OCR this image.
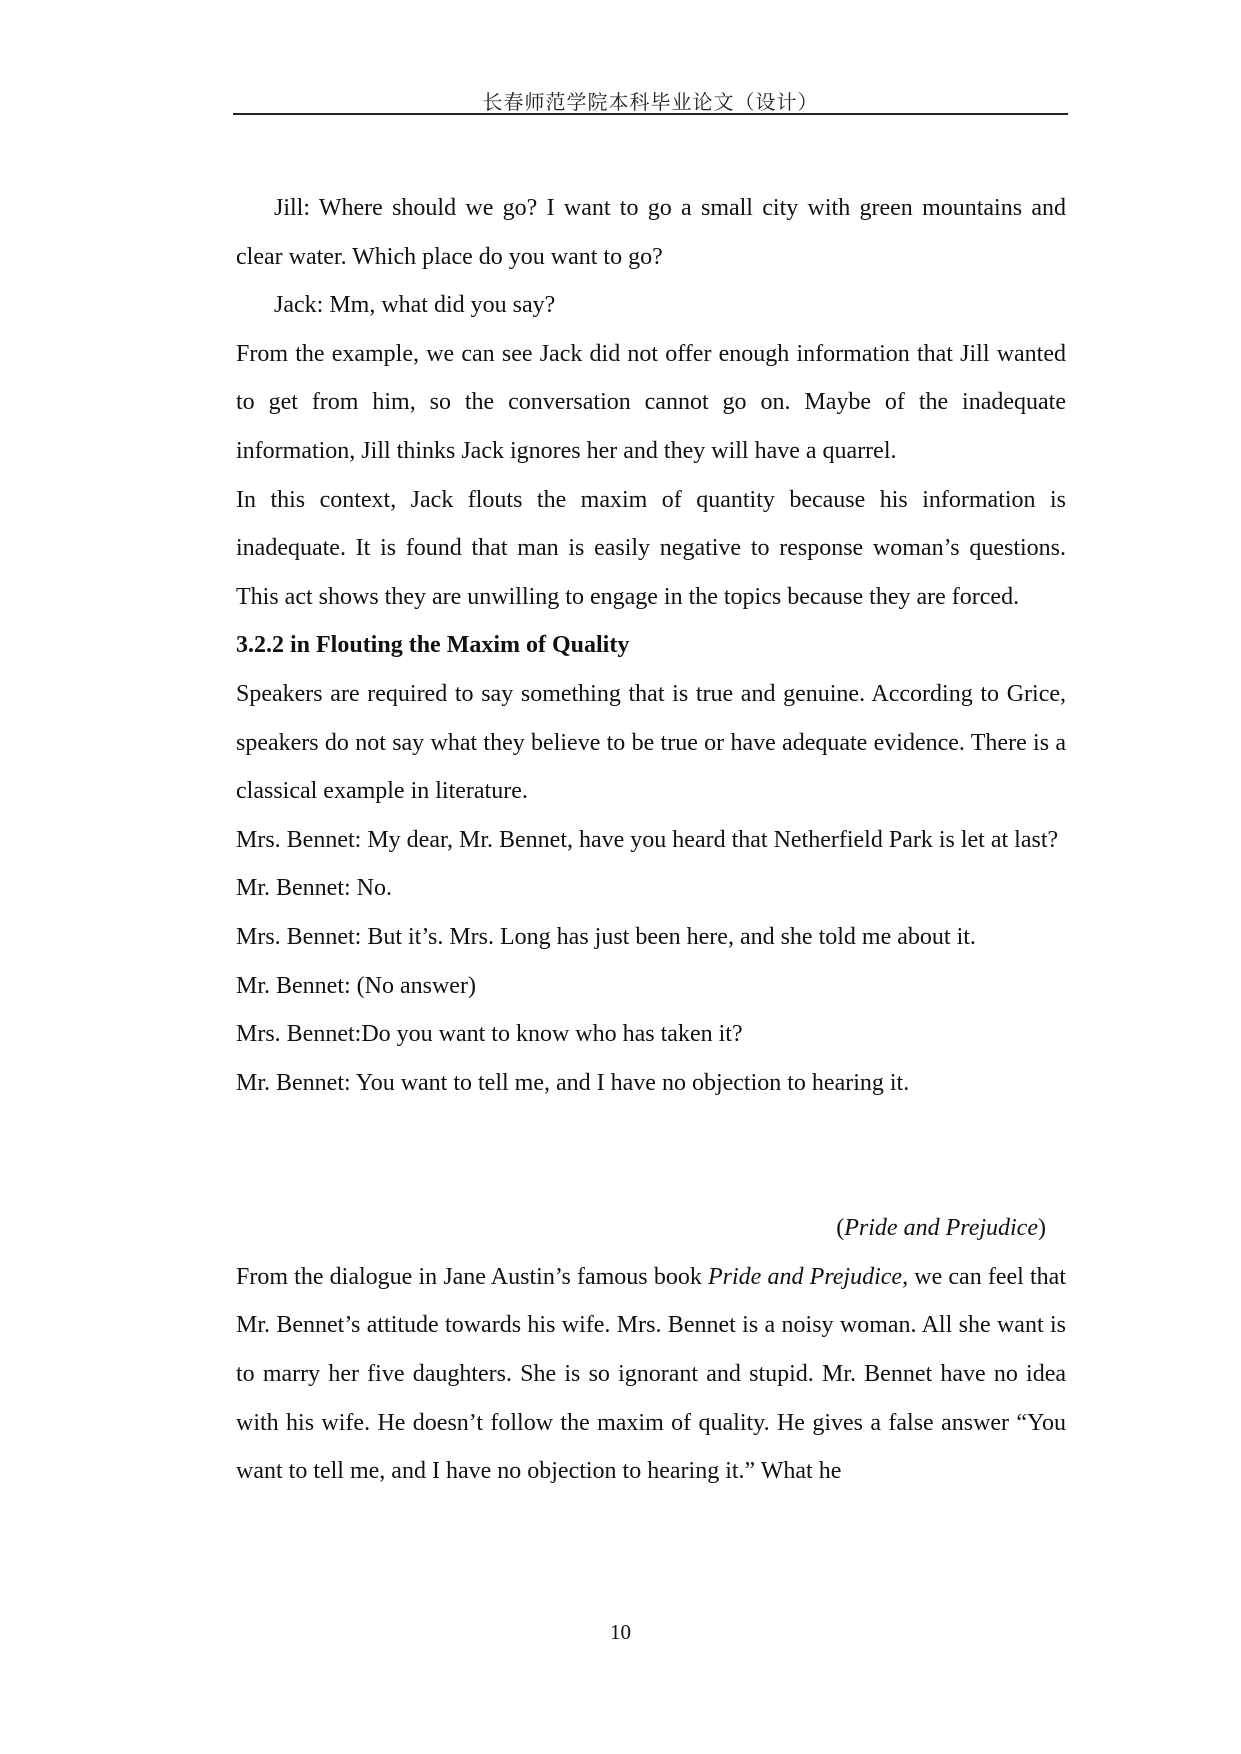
长春师范学院本科毕业论文（设计）

Jill: Where should we go? I want to go a small city with green mountains and clear water. Which place do you want to go?

Jack: Mm, what did you say?

From the example, we can see Jack did not offer enough information that Jill wanted to get from him, so the conversation cannot go on. Maybe of the inadequate information, Jill thinks Jack ignores her and they will have a quarrel.

In this context, Jack flouts the maxim of quantity because his information is inadequate. It is found that man is easily negative to response woman’s questions. This act shows they are unwilling to engage in the topics because they are forced.

3.2.2 in Flouting the Maxim of Quality

Speakers are required to say something that is true and genuine. According to Grice, speakers do not say what they believe to be true or have adequate evidence. There is a classical example in literature.

Mrs. Bennet: My dear, Mr. Bennet, have you heard that Netherfield Park is let at last?

Mr. Bennet: No.

Mrs. Bennet: But it’s. Mrs. Long has just been here, and she told me about it.

Mr. Bennet: (No answer)

Mrs. Bennet:Do you want to know who has taken it?

Mr. Bennet: You want to tell me, and I have no objection to hearing it.

(Pride and Prejudice)

From the dialogue in Jane Austin’s famous book Pride and Prejudice, we can feel that Mr. Bennet’s attitude towards his wife. Mrs. Bennet is a noisy woman. All she want is to marry her five daughters. She is so ignorant and stupid. Mr. Bennet have no idea with his wife. He doesn’t follow the maxim of quality. He gives a false answer “You want to tell me, and I have no objection to hearing it.” What he

10
